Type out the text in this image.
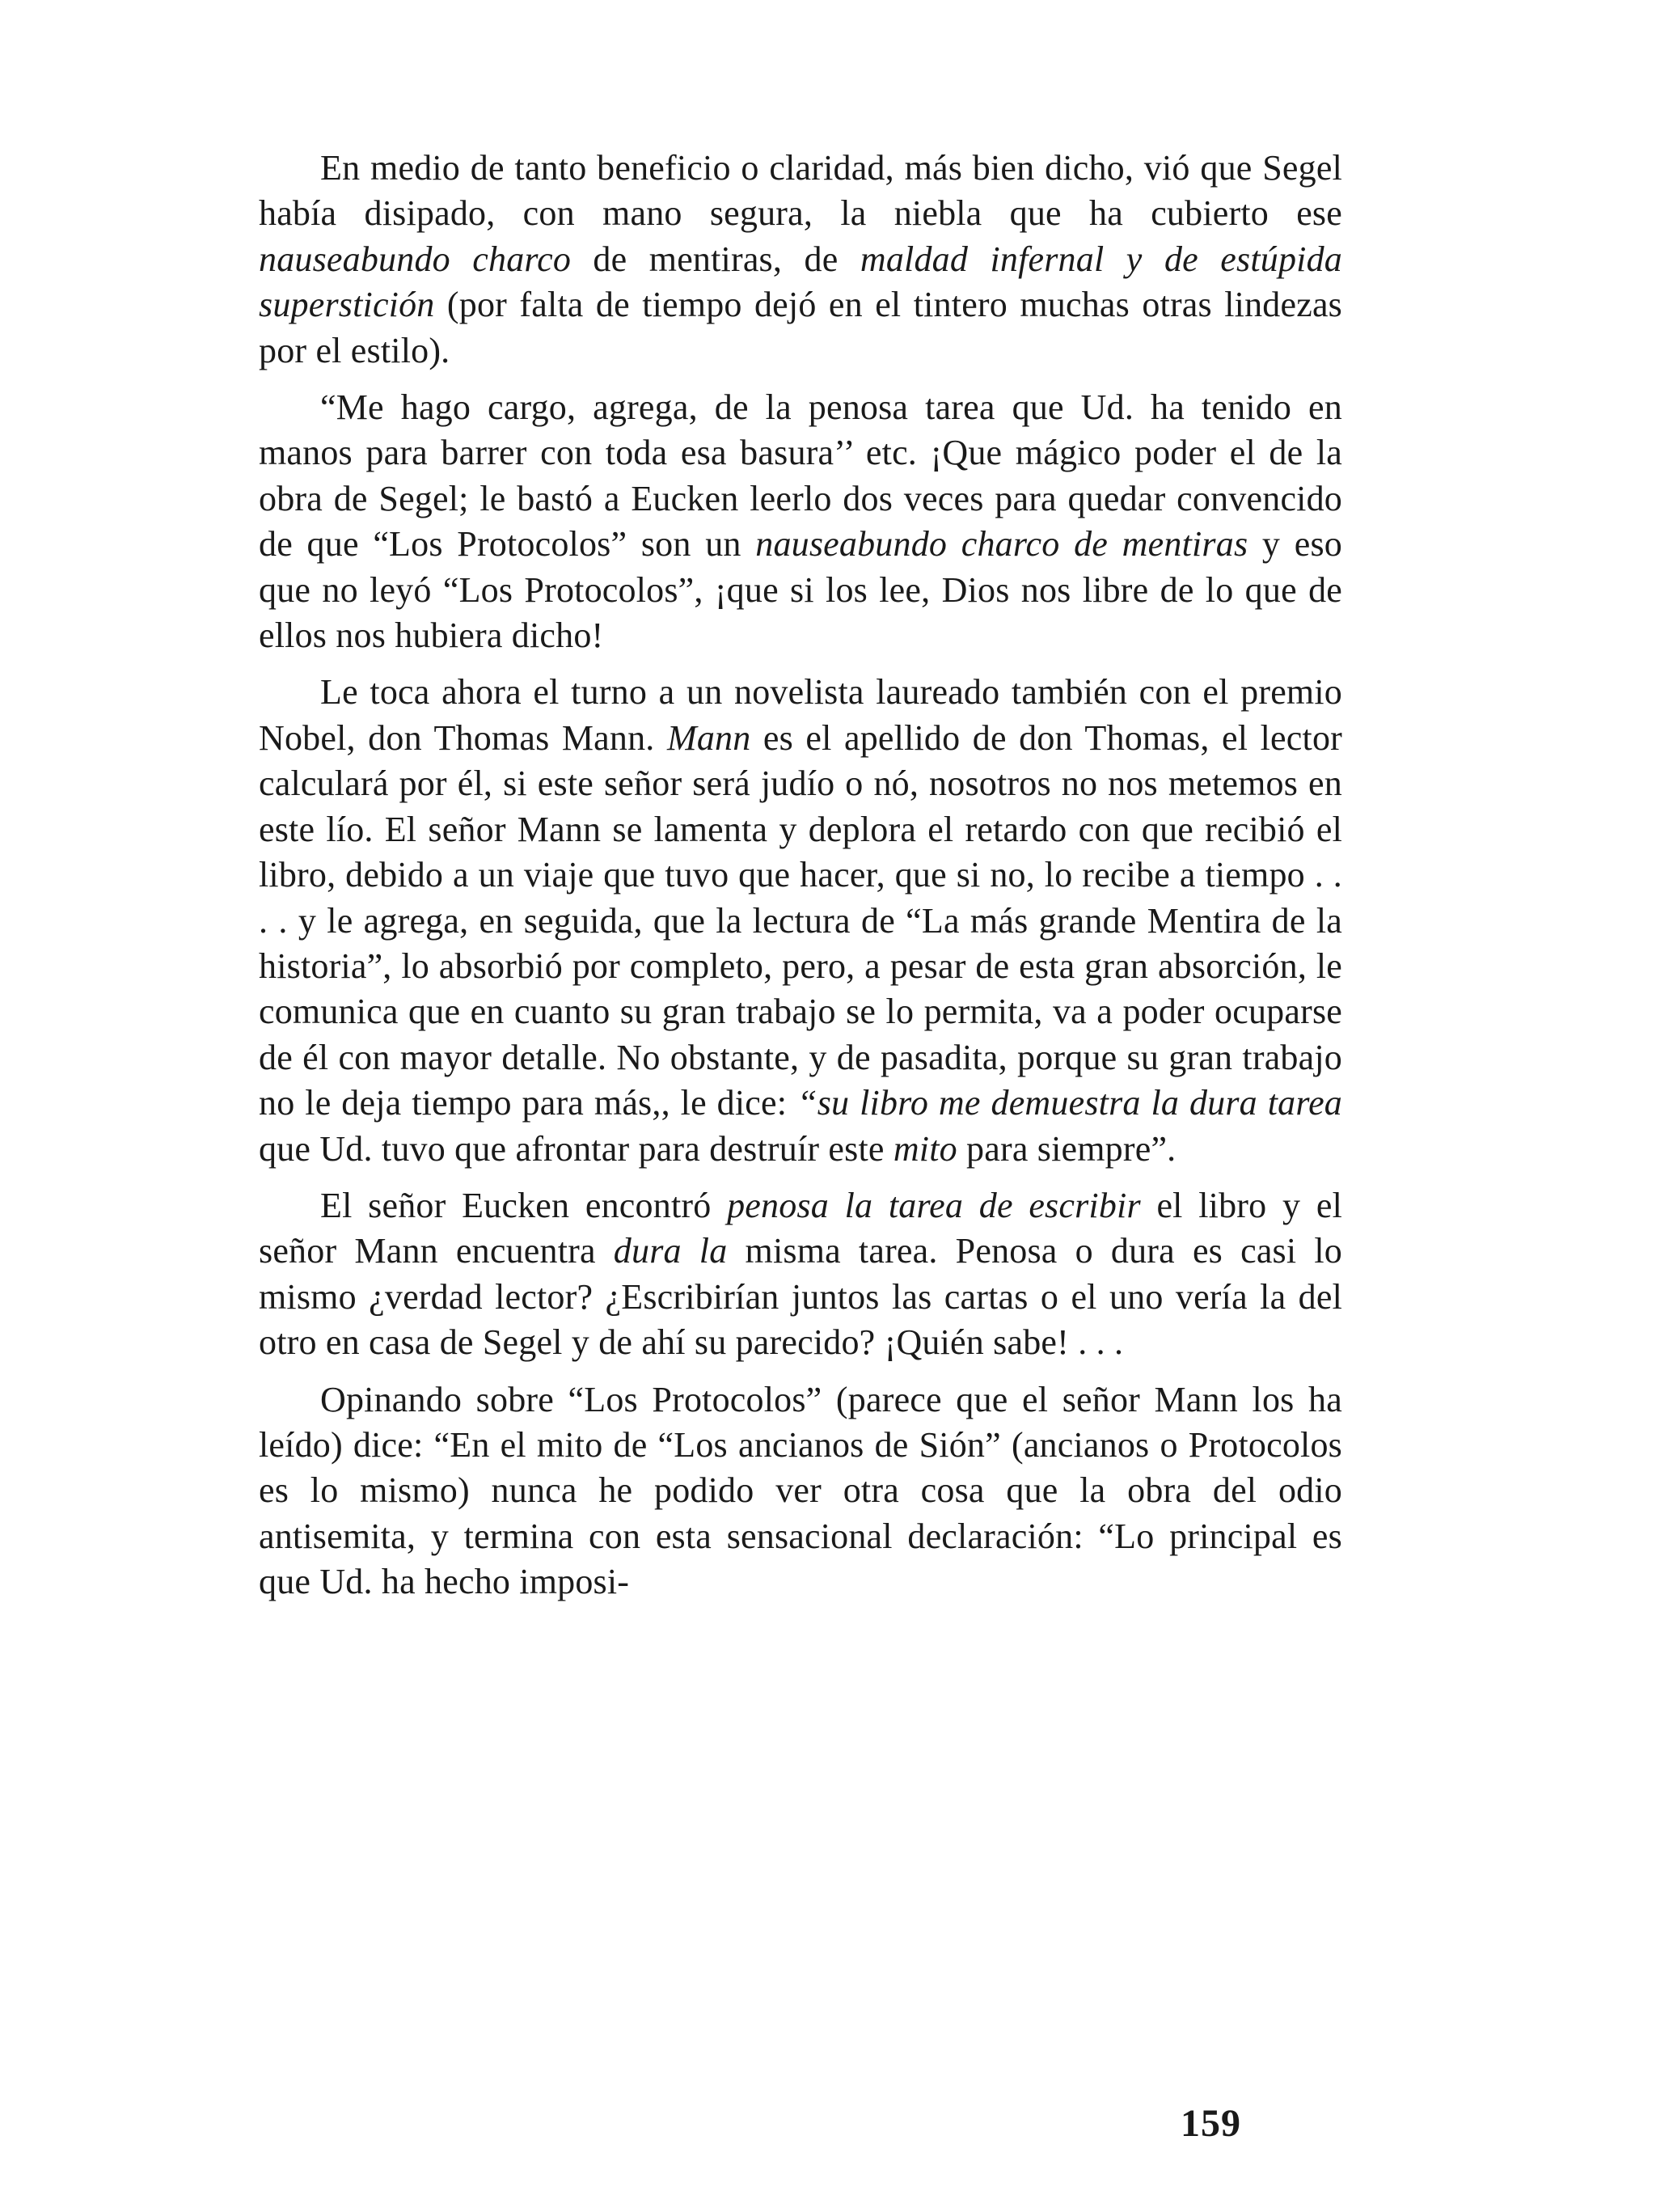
En medio de tanto beneficio o claridad, más bien dicho, vió que Segel había disipado, con mano segura, la niebla que ha cubierto ese nauseabundo charco de mentiras, de maldad infernal y de estúpida superstición (por falta de tiempo dejó en el tintero muchas otras lindezas por el estilo).

“Me hago cargo, agrega, de la penosa tarea que Ud. ha tenido en manos para barrer con toda esa basura’’ etc. ¡Que mágico poder el de la obra de Segel; le bastó a Eucken leerlo dos veces para quedar convencido de que “Los Protocolos” son un nauseabundo charco de mentiras y eso que no leyó “Los Protocolos”, ¡que si los lee, Dios nos libre de lo que de ellos nos hubiera dicho!

Le toca ahora el turno a un novelista laureado también con el premio Nobel, don Thomas Mann. Mann es el apellido de don Thomas, el lector calculará por él, si este señor será judío o nó, nosotros no nos metemos en este lío. El señor Mann se lamenta y deplora el retardo con que recibió el libro, debido a un viaje que tuvo que hacer, que si no, lo recibe a tiempo . . . . y le agrega, en seguida, que la lectura de “La más grande Mentira de la historia”, lo absorbió por completo, pero, a pesar de esta gran absorción, le comunica que en cuanto su gran trabajo se lo permita, va a poder ocuparse de él con mayor detalle. No obstante, y de pasadita, porque su gran trabajo no le deja tiempo para más,, le dice: “su libro me demuestra la dura tarea que Ud. tuvo que afrontar para destruír este mito para siempre”.

El señor Eucken encontró penosa la tarea de escribir el libro y el señor Mann encuentra dura la misma tarea. Penosa o dura es casi lo mismo ¿verdad lector? ¿Escribirían juntos las cartas o el uno vería la del otro en casa de Segel y de ahí su parecido? ¡Quién sabe! . . .

Opinando sobre “Los Protocolos” (parece que el señor Mann los ha leído) dice: “En el mito de “Los ancianos de Sión” (ancianos o Protocolos es lo mismo) nunca he podido ver otra cosa que la obra del odio antisemita, y termina con esta sensacional declaración: “Lo principal es que Ud. ha hecho imposi-

159
